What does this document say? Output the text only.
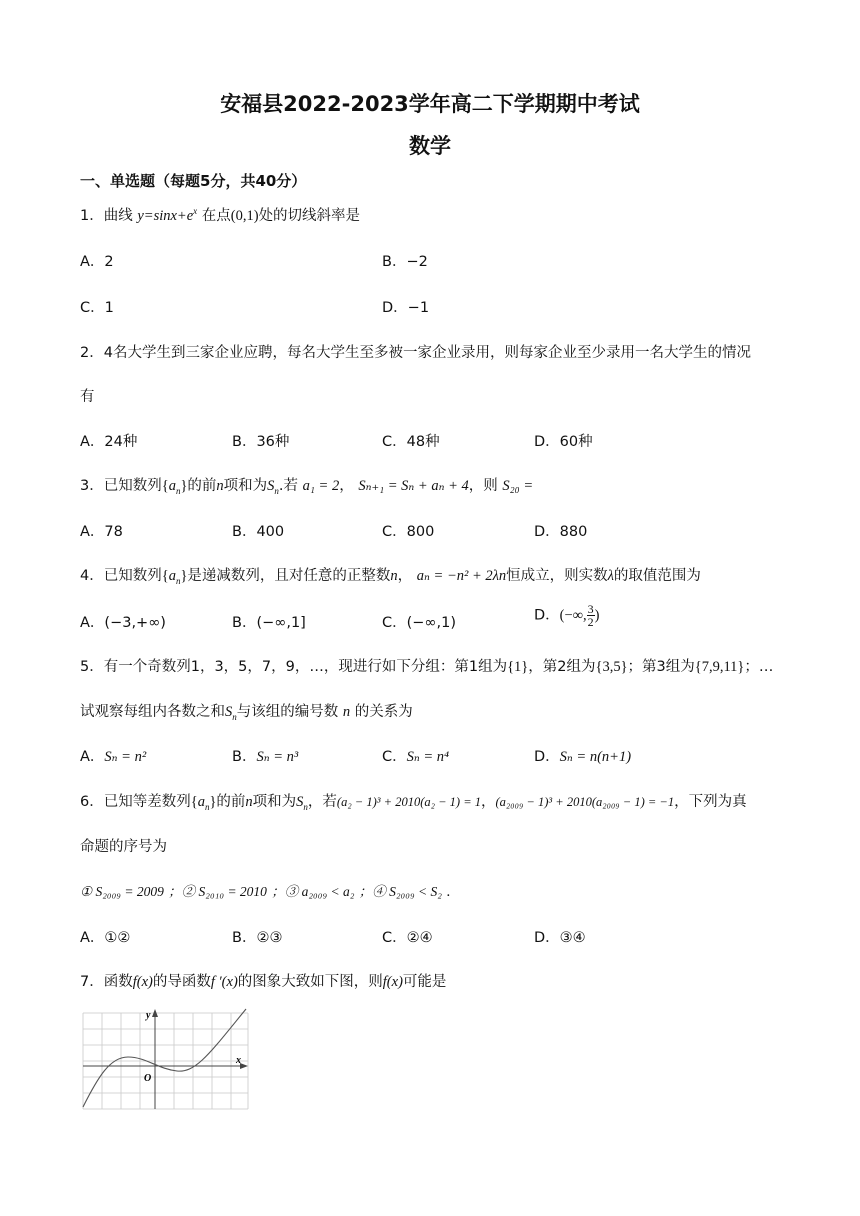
安福县2022-2023学年高二下学期期中考试
数学
一、单选题（每题5分，共40分）
1．曲线 $y=\sin x+e^x$ 在点(0,1)处的切线斜率是
A．2	B．−2
C．1	D．−1
2．4名大学生到三家企业应聘，每名大学生至多被一家企业录用，则每家企业至少录用一名大学生的情况
有
A．24种	B．36种	C．48种	D．60种
3．已知数列$\{a_n\}$的前n项和为$S_n$.若 a₁ = 2， Sₙ₊₁ = Sₙ + aₙ + 4，则 S₂₀ =
A．78	B．400	C．800	D．880
4．已知数列$\{a_n\}$是递减数列，且对任意的正整数n， aₙ = −n² + 2λn恒成立，则实数λ的取值范围为
A．(−3,+∞)	B．(−∞,1]	C．(−∞,1)	D．(−∞, $\frac{3}{2}$ )
5．有一个奇数列1，3，5，7，9，…，现进行如下分组：第1组为{1}，第2组为{3,5}；第3组为{7,9,11}；…
试观察每组内各数之和$S_n$与该组的编号数 n 的关系为
A．Sₙ = n²	B．Sₙ = n³	C．Sₙ = n⁴	D．Sₙ = n(n+1)
6．已知等差数列$\{a_n\}$的前n项和为$S_n$，若(a₂ − 1)³ + 2010(a₂ − 1) = 1，(a₂₀₀₉ − 1)³ + 2010(a₂₀₀₉ − 1) = −1，下列为真
命题的序号为
① S₂₀₀₉ = 2009 ；② S₂₀₁₀ = 2010 ；③ a₂₀₀₉ < a₂ ；④ S₂₀₀₉ < S₂ ．
A．①②	B．②③	C．②④	D．③④
7．函数f(x)的导函数f ′(x)的图象大致如下图，则f(x)可能是
x
y
O
